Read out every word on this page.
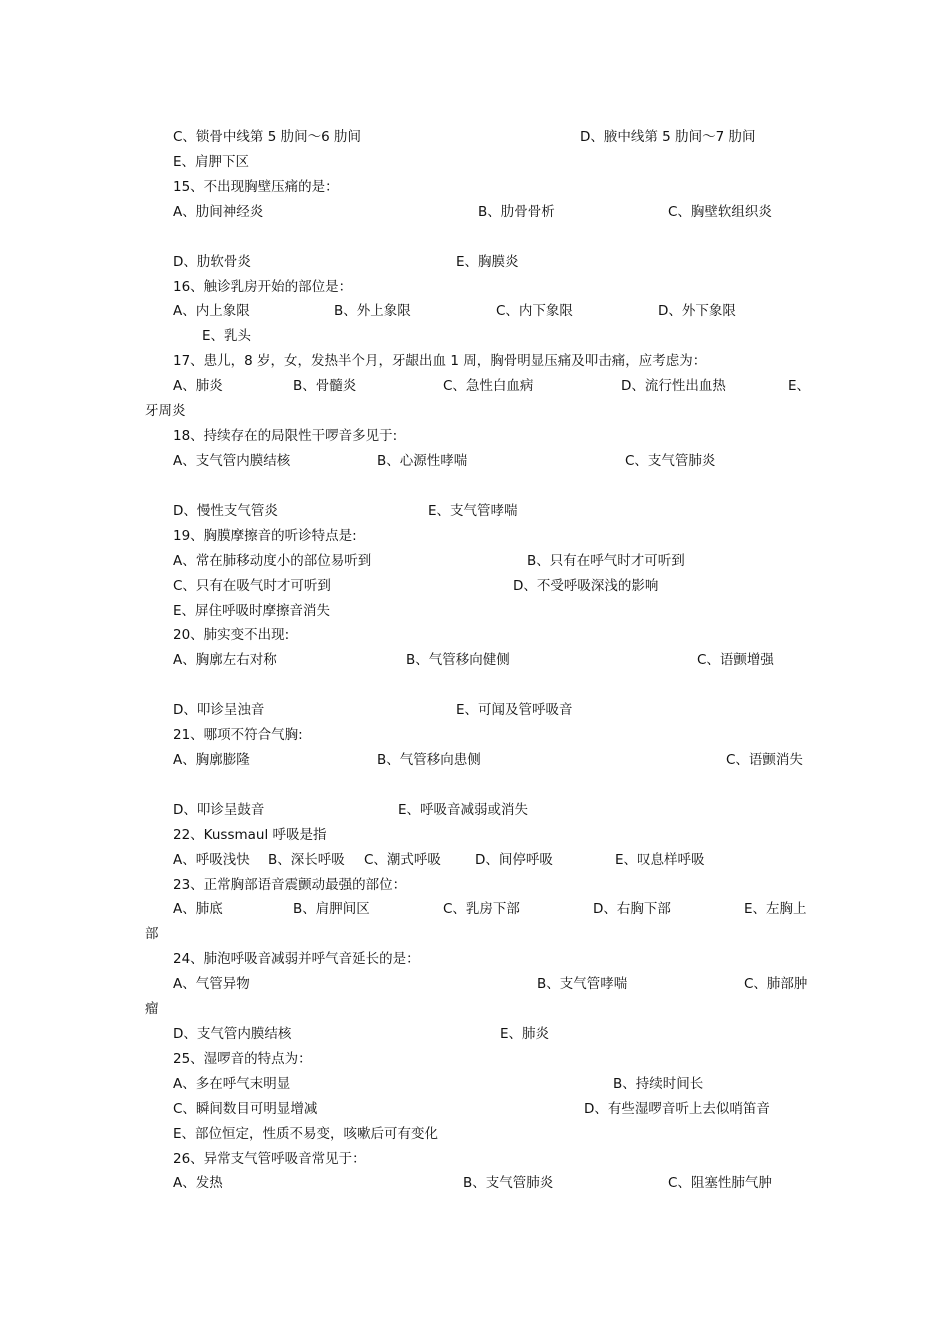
C、锁骨中线第 5 肋间～6 肋间	D、腋中线第 5 肋间～7 肋间
E、肩胛下区
15、不出现胸壁压痛的是：
A、肋间神经炎	B、肋骨骨析	C、胸壁软组织炎
D、肋软骨炎	E、胸膜炎
16、触诊乳房开始的部位是：
A、内上象限	B、外上象限	C、内下象限	D、外下象限
E、乳头
17、患儿，8 岁，女，发热半个月，牙龈出血 1 周，胸骨明显压痛及叩击痛，应考虑为：
A、肺炎	B、骨髓炎	C、急性白血病	D、流行性出血热	E、
牙周炎
18、持续存在的局限性干啰音多见于:
A、支气管内膜结核	B、心源性哮喘	C、支气管肺炎
D、慢性支气管炎	E、支气管哮喘
19、胸膜摩擦音的听诊特点是:
A、常在肺移动度小的部位易听到	B、只有在呼气时才可听到
C、只有在吸气时才可听到	D、不受呼吸深浅的影响
E、屏住呼吸时摩擦音消失
20、肺实变不出现:
A、胸廓左右对称	B、气管移向健侧	C、语颤增强
D、叩诊呈浊音	E、可闻及管呼吸音
21、哪项不符合气胸:
A、胸廓膨隆	B、气管移向患侧	C、语颤消失
D、叩诊呈鼓音	E、呼吸音减弱或消失
22、Kussmaul 呼吸是指
A、呼吸浅快 B、深长呼吸 C、潮式呼吸	D、间停呼吸	E、叹息样呼吸
23、正常胸部语音震颤动最强的部位：
A、肺底	B、肩胛间区	C、乳房下部	D、右胸下部	E、左胸上
部
24、肺泡呼吸音减弱并呼气音延长的是：
A、气管异物	B、支气管哮喘	C、肺部肿
瘤
D、支气管内膜结核	E、肺炎
25、湿啰音的特点为：
A、多在呼气末明显	B、持续时间长
C、瞬间数目可明显增减	D、有些湿啰音听上去似哨笛音
E、部位恒定，性质不易变，咳嗽后可有变化
26、异常支气管呼吸音常见于：
A、发热	B、支气管肺炎	C、阻塞性肺气肿
